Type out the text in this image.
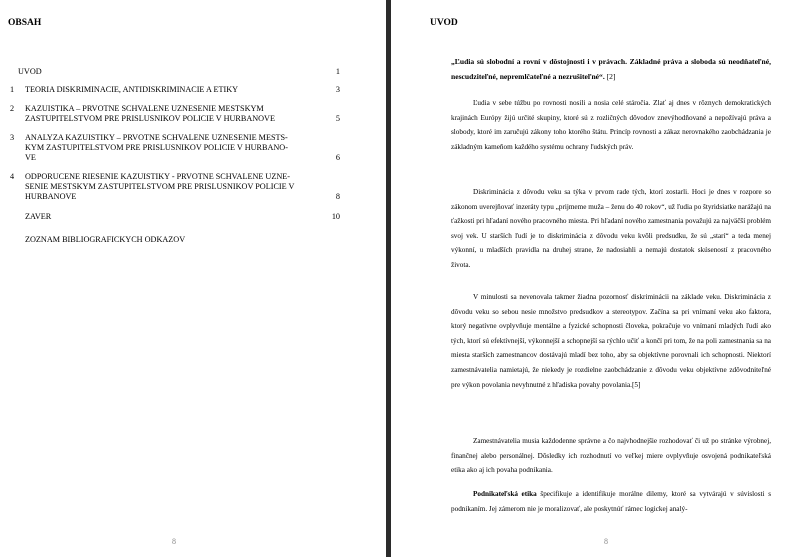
OBSAH
UVOD	1
1 TEORIA DISKRIMINACIE, ANTIDISKRIMINACIE A ETIKY	3
2 KAZUISTIKA – PRVOTNE SCHVALENE UZNESENIE MESTSKYM ZASTUPITELSTVOM PRE PRISLUSNIKOV POLICIE V HURBANOVE	5
3 ANALYZA KAZUISTIKY – PRVOTNE SCHVALENE UZNESENIE MESTS-KYM ZASTUPITELSTVOM PRE PRISLUSNIKOV POLICIE V HURBANO-VE	6
4 ODPORUCENE RIESENIE KAZUISTIKY - PRVOTNE SCHVALENE UZNE-SENIE MESTSKYM ZASTUPITELSTVOM PRE PRISLUSNIKOV POLICIE V HURBANOVE	8
ZAVER	10
ZOZNAM BIBLIOGRAFICKYCH ODKAZOV
8
UVOD
„Ľudia sú slobodní a rovní v dôstojnosti i v právach. Základné práva a sloboda sú neodňateľné, nescudziteľné, nepremlčateľné a nezrušiteľné“. [2]
Ľudia v sebe túžbu po rovnosti nosili a nosia celé stáročia. Zlať aj dnes v rôznych demokratických krajinách Európy žijú určité skupiny, ktoré sú z rozličných dôvodov znevýhodňované a nepožívajú práva a slobody, ktoré im zaručujú zákony toho ktorého štátu. Princíp rovnosti a zákaz nerovnakého zaobchádzania je základným kameňom každého systému ochrany ľudských práv.
Diskriminácia z dôvodu veku sa týka v prvom rade tých, ktorí zostarli. Hoci je dnes v rozpore so zákonom uverejňovať inzeráty typu „prijmeme muža – ženu do 40 rokov“, už ľudia po štyridsiatke narážajú na ťažkosti pri hľadaní nového pracovného miesta. Pri hľadaní nového zamestnania považujú za najväčší problém svoj vek. U starších ľudí je to diskriminácia z dôvodu veku kvôli predsudku, že sú „starí“ a teda menej výkonní, u mladších pravidla na druhej strane, že nadosiahli a nemajú dostatok skúseností z pracovného života.
V minulosti sa nevenovala takmer žiadna pozornosť diskriminácii na základe veku. Diskriminácia z dôvodu veku so sebou nesie množstvo predsudkov a stereotypov. Začína sa pri vnímaní veku ako faktora, ktorý negatívne ovplyvňuje mentálne a fyzické schopnosti človeka, pokračuje vo vnímaní mladých ľudí ako tých, ktorí sú efektívnejší, výkonnejší a schopnejší sa rýchlo učiť a končí pri tom, že na poli zamestnania sa na miesta starších zamestnancov dostávajú mladí bez toho, aby sa objektívne porovnali ich schopnosti. Niektorí zamestnávatelia namietajú, že niekedy je rozdielne zaobchádzanie z dôvodu veku objektívne zdôvodniteľné pre výkon povolania nevyhnutné z hľadiska povahy povolania.[5]
Zamestnávatelia musia každodenne správne a čo najvhodnejšie rozhodovať či už po stránke výrobnej, finančnej alebo personálnej. Dôsledky ich rozhodnutí vo veľkej miere ovplyvňuje osvojená podnikateľská etika ako aj ich povaha podnikania.
Podnikateľská etika špecifikuje a identifikuje morálne dilemy, ktoré sa vytvárajú v súvislosti s podnikaním. Jej zámerom nie je moralizovať, ale poskytnúť rámec logickej analý-
8
